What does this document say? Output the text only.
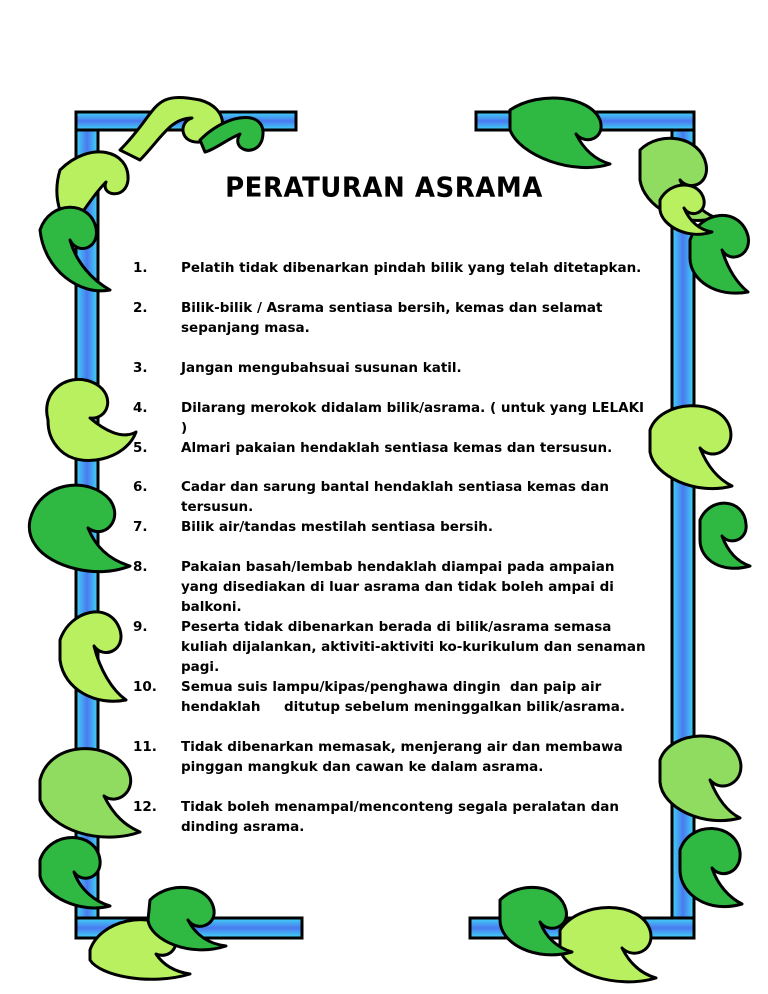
PERATURAN ASRAMA
1.	Pelatih tidak dibenarkan pindah bilik yang telah ditetapkan.
2.	Bilik-bilik / Asrama sentiasa bersih, kemas dan selamat sepanjang masa.
3.	Jangan mengubahsuai susunan katil.
4.	Dilarang merokok didalam bilik/asrama. ( untuk yang LELAKI )
5.	Almari pakaian hendaklah sentiasa kemas dan tersusun.
6.	Cadar dan sarung bantal hendaklah sentiasa kemas dan tersusun.
7.	Bilik air/tandas mestilah sentiasa bersih.
8.	Pakaian basah/lembab hendaklah diampai pada ampaian yang disediakan di luar asrama dan tidak boleh ampai di balkoni.
9.	Peserta tidak dibenarkan berada di bilik/asrama semasa kuliah dijalankan, aktiviti-aktiviti ko-kurikulum dan senaman pagi.
10.	Semua suis lampu/kipas/penghawa dingin  dan paip air hendaklah     ditutup sebelum meninggalkan bilik/asrama.
11.	Tidak dibenarkan memasak, menjerang air dan membawa pinggan mangkuk dan cawan ke dalam asrama.
12.	Tidak boleh menampal/menconteng segala peralatan dan dinding asrama.
